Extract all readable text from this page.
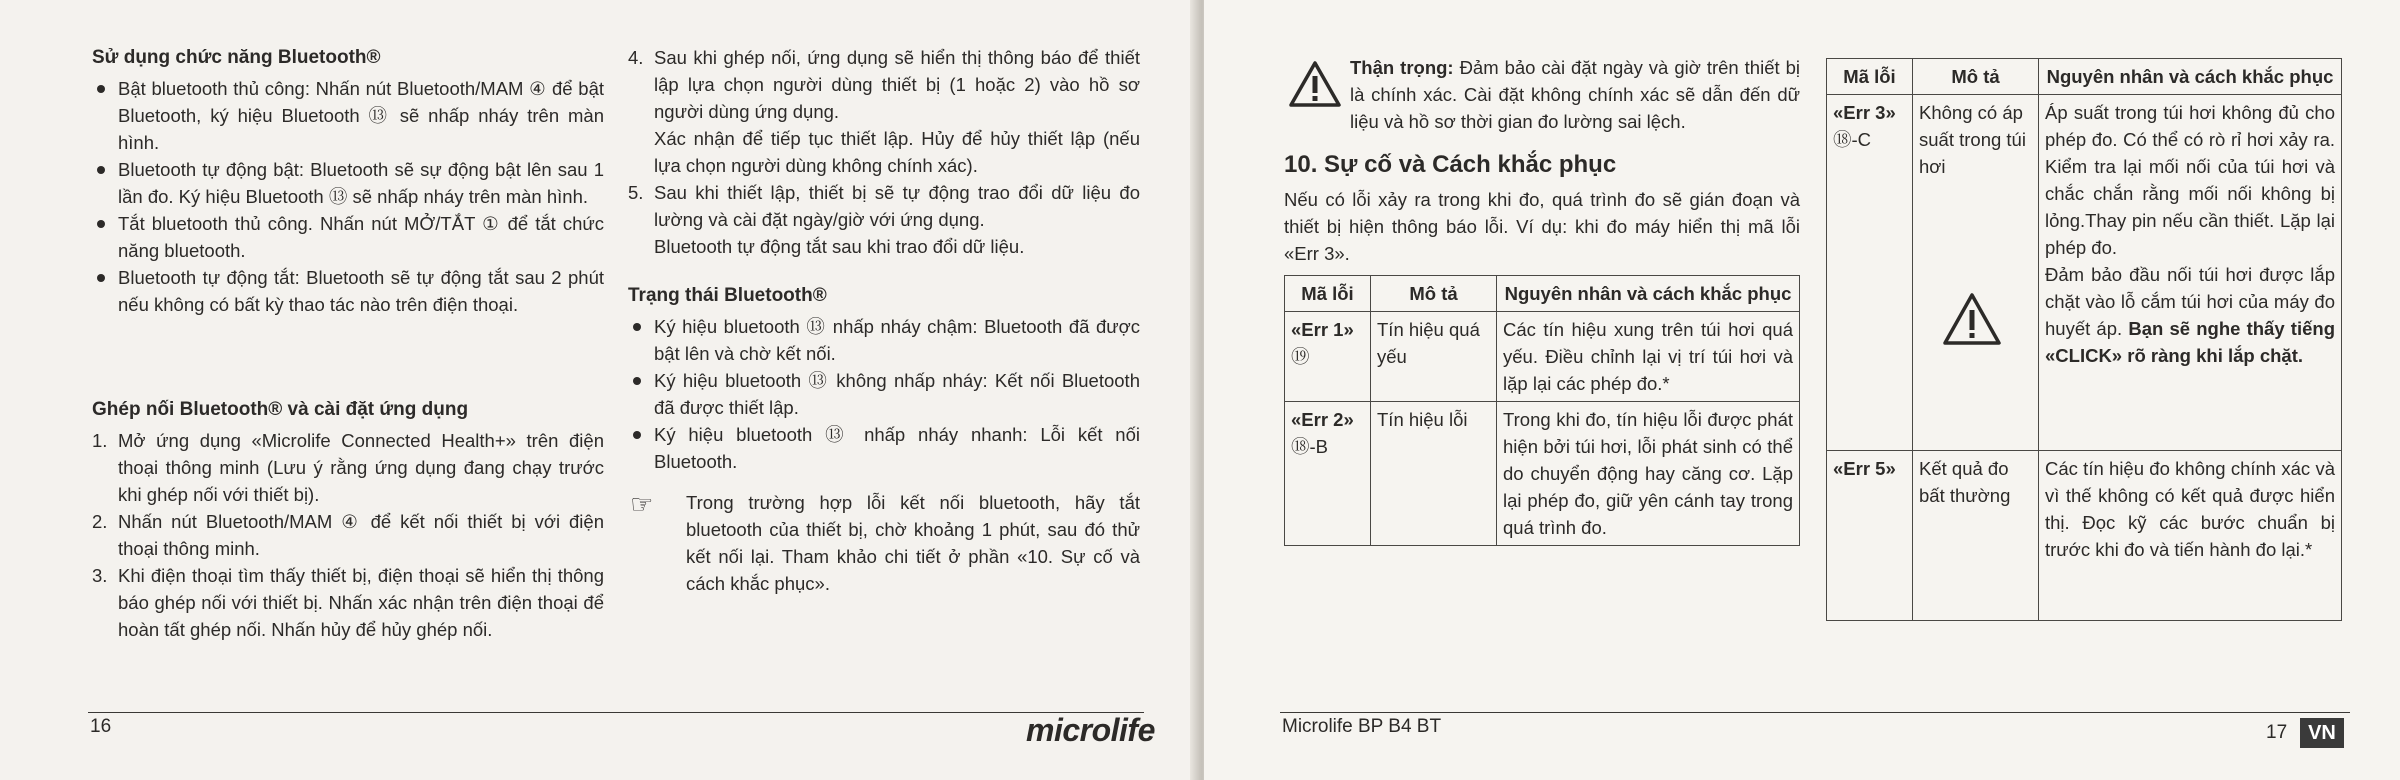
Sử dụng chức năng Bluetooth®
Bật bluetooth thủ công: Nhấn nút Bluetooth/MAM ④ để bật Bluetooth, ký hiệu Bluetooth ⑬ sẽ nhấp nháy trên màn hình.
Bluetooth tự động bật: Bluetooth sẽ sự động bật lên sau 1 lần đo. Ký hiệu Bluetooth ⑬ sẽ nhấp nháy trên màn hình.
Tắt bluetooth thủ công. Nhấn nút MỞ/TẮT ① để tắt chức năng bluetooth.
Bluetooth tự động tắt: Bluetooth sẽ tự động tắt sau 2 phút nếu không có bất kỳ thao tác nào trên điện thoại.
Ghép nối Bluetooth® và cài đặt ứng dụng
1. Mở ứng dụng «Microlife Connected Health+» trên điện thoại thông minh (Lưu ý rằng ứng dụng đang chạy trước khi ghép nối với thiết bị).
2. Nhấn nút Bluetooth/MAM ④ để kết nối thiết bị với điện thoại thông minh.
3. Khi điện thoại tìm thấy thiết bị, điện thoại sẽ hiển thị thông báo ghép nối với thiết bị. Nhấn xác nhận trên điện thoại để hoàn tất ghép nối. Nhấn hủy để hủy ghép nối.
4. Sau khi ghép nối, ứng dụng sẽ hiển thị thông báo để thiết lập lựa chọn người dùng thiết bị (1 hoặc 2) vào hồ sơ người dùng ứng dụng.
Xác nhận để tiếp tục thiết lập. Hủy để hủy thiết lập (nếu lựa chọn người dùng không chính xác).
5. Sau khi thiết lập, thiết bị sẽ tự động trao đổi dữ liệu đo lường và cài đặt ngày/giờ với ứng dụng.
Bluetooth tự động tắt sau khi trao đổi dữ liệu.
Trạng thái Bluetooth®
Ký hiệu bluetooth ⑬ nhấp nháy chậm: Bluetooth đã được bật lên và chờ kết nối.
Ký hiệu bluetooth ⑬ không nhấp nháy: Kết nối Bluetooth đã được thiết lập.
Ký hiệu bluetooth ⑬ nhấp nháy nhanh: Lỗi kết nối Bluetooth.
☞ Trong trường hợp lỗi kết nối bluetooth, hãy tắt bluetooth của thiết bị, chờ khoảng 1 phút, sau đó thử kết nối lại. Tham khảo chi tiết ở phần «10. Sự cố và cách khắc phục».
16	microlife
Thận trọng: Đảm bảo cài đặt ngày và giờ trên thiết bị là chính xác. Cài đặt không chính xác sẽ dẫn đến dữ liệu và hồ sơ thời gian đo lường sai lệch.
10. Sự cố và Cách khắc phục
Nếu có lỗi xảy ra trong khi đo, quá trình đo sẽ gián đoạn và thiết bị hiện thông báo lỗi. Ví dụ: khi đo máy hiển thị mã lỗi «Err 3».
Mã lỗi	Mô tả	Nguyên nhân và cách khắc phục
«Err 1»
⑲	Tín hiệu quá yếu	Các tín hiệu xung trên túi hơi quá yếu. Điều chỉnh lại vị trí túi hơi và lặp lại các phép đo.*
«Err 2»
⑱-B	Tín hiệu lỗi	Trong khi đo, tín hiệu lỗi được phát hiện bởi túi hơi, lỗi phát sinh có thể do chuyển động hay căng cơ. Lặp lại phép đo, giữ yên cánh tay trong quá trình đo.
Mã lỗi	Mô tả	Nguyên nhân và cách khắc phục
«Err 3»
⑱-C	Không có áp suất trong túi hơi	Áp suất trong túi hơi không đủ cho phép đo. Có thể có rò rỉ hơi xảy ra. Kiểm tra lại mối nối của túi hơi và chắc chắn rằng mối nối không bị lỏng.Thay pin nếu cần thiết. Lặp lại phép đo.
Đảm bảo đầu nối túi hơi được lắp chặt vào lỗ cắm túi hơi của máy đo huyết áp. Bạn sẽ nghe thấy tiếng «CLICK» rõ ràng khi lắp chặt.
«Err 5»	Kết quả đo bất thường	Các tín hiệu đo không chính xác và vì thế không có kết quả được hiển thị. Đọc kỹ các bước chuẩn bị trước khi đo và tiến hành đo lại.*
Microlife BP B4 BT	17	VN
